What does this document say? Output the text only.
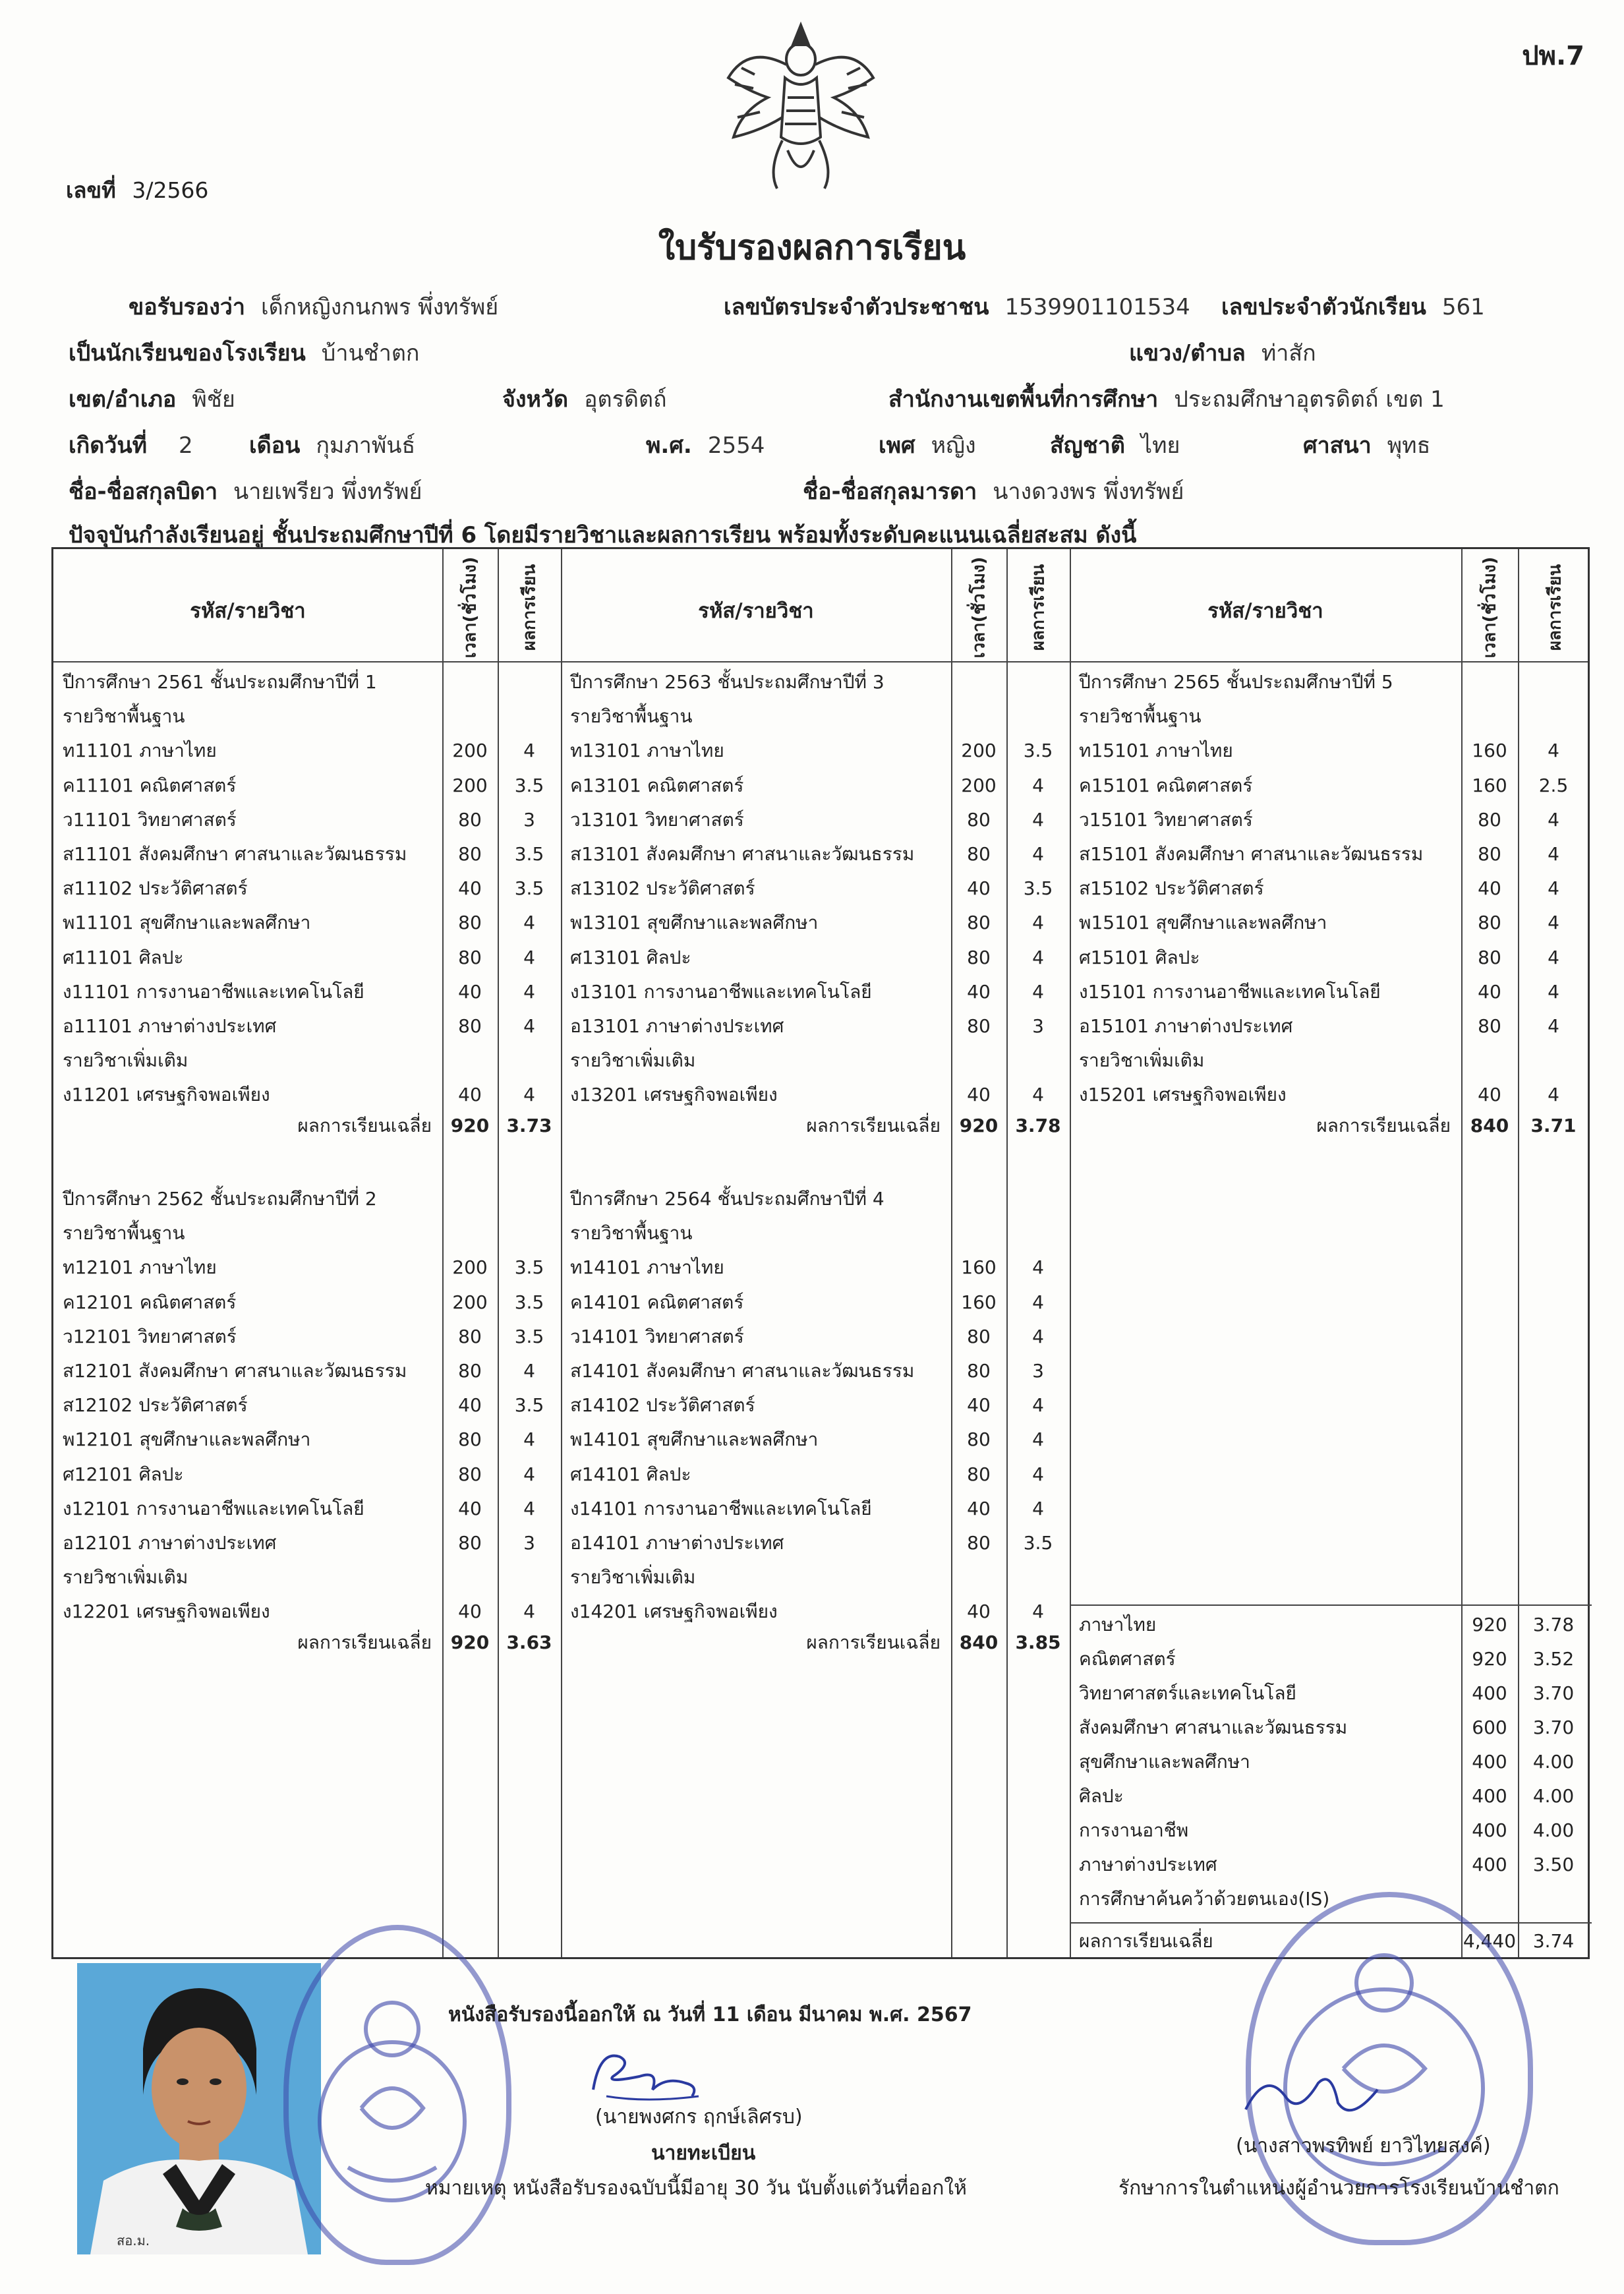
ปพ.7
เลขที่ 3/2566
ใบรับรองผลการเรียน
ขอรับรองว่า เด็กหญิงกนกพร พึ่งทรัพย์	เลขบัตรประจำตัวประชาชน 1539901101534 เลขประจำตัวนักเรียน 561
เป็นนักเรียนของโรงเรียน บ้านชำตก	แขวง/ตำบล ท่าสัก
เขต/อำเภอ พิชัย	จังหวัด อุตรดิตถ์	สำนักงานเขตพื้นที่การศึกษา ประถมศึกษาอุตรดิตถ์ เขต 1
เกิดวันที่ 2	เดือน กุมภาพันธ์	พ.ศ. 2554	เพศ หญิง	สัญชาติ ไทย	ศาสนา พุทธ
ชื่อ-ชื่อสกุลบิดา นายเพรียว พึ่งทรัพย์	ชื่อ-ชื่อสกุลมารดา นางดวงพร พึ่งทรัพย์
ปัจจุบันกำลังเรียนอยู่ ชั้นประถมศึกษาปีที่ 6 โดยมีรายวิชาและผลการเรียน พร้อมทั้งระดับคะแนนเฉลี่ยสะสม ดังนี้
รหัส/รายวิชา	รหัส/รายวิชา	รหัส/รายวิชา
เวลา(ชั่วโมง) ผลการเรียน	เวลา(ชั่วโมง) ผลการเรียน	เวลา(ชั่วโมง)	ผลการเรียน
ปีการศึกษา 2561 ชั้นประถมศึกษาปีที่ 1
รายวิชาพื้นฐาน
ท11101 ภาษาไทย	200	4
ค11101 คณิตศาสตร์	200	3.5
ว11101 วิทยาศาสตร์	80	3
ส11101 สังคมศึกษา ศาสนาและวัฒนธรรม	80	3.5
ส11102 ประวัติศาสตร์	40	3.5
พ11101 สุขศึกษาและพลศึกษา	80	4
ศ11101 ศิลปะ	80	4
ง11101 การงานอาชีพและเทคโนโลยี	40	4
อ11101 ภาษาต่างประเทศ	80	4
รายวิชาเพิ่มเติม
ง11201 เศรษฐกิจพอเพียง	40	4
ผลการเรียนเฉลี่ย	920 3.73
ปีการศึกษา 2562 ชั้นประถมศึกษาปีที่ 2
รายวิชาพื้นฐาน
ท12101 ภาษาไทย	200	3.5
ค12101 คณิตศาสตร์	200	3.5
ว12101 วิทยาศาสตร์	80	3.5
ส12101 สังคมศึกษา ศาสนาและวัฒนธรรม	80	4
ส12102 ประวัติศาสตร์	40	3.5
พ12101 สุขศึกษาและพลศึกษา	80	4
ศ12101 ศิลปะ	80	4
ง12101 การงานอาชีพและเทคโนโลยี	40	4
อ12101 ภาษาต่างประเทศ	80	3
รายวิชาเพิ่มเติม
ง12201 เศรษฐกิจพอเพียง	40	4
ผลการเรียนเฉลี่ย	920 3.63
ปีการศึกษา 2563 ชั้นประถมศึกษาปีที่ 3
รายวิชาพื้นฐาน
ท13101 ภาษาไทย	200	3.5
ค13101 คณิตศาสตร์	200	4
ว13101 วิทยาศาสตร์	80	4
ส13101 สังคมศึกษา ศาสนาและวัฒนธรรม	80	4
ส13102 ประวัติศาสตร์	40	3.5
พ13101 สุขศึกษาและพลศึกษา	80	4
ศ13101 ศิลปะ	80	4
ง13101 การงานอาชีพและเทคโนโลยี	40	4
อ13101 ภาษาต่างประเทศ	80	3
รายวิชาเพิ่มเติม
ง13201 เศรษฐกิจพอเพียง	40	4
ผลการเรียนเฉลี่ย	920 3.78
ปีการศึกษา 2564 ชั้นประถมศึกษาปีที่ 4
รายวิชาพื้นฐาน
ท14101 ภาษาไทย	160	4
ค14101 คณิตศาสตร์	160	4
ว14101 วิทยาศาสตร์	80	4
ส14101 สังคมศึกษา ศาสนาและวัฒนธรรม	80	3
ส14102 ประวัติศาสตร์	40	4
พ14101 สุขศึกษาและพลศึกษา	80	4
ศ14101 ศิลปะ	80	4
ง14101 การงานอาชีพและเทคโนโลยี	40	4
อ14101 ภาษาต่างประเทศ	80	3.5
รายวิชาเพิ่มเติม
ง14201 เศรษฐกิจพอเพียง	40	4
ผลการเรียนเฉลี่ย	840 3.85
ปีการศึกษา 2565 ชั้นประถมศึกษาปีที่ 5
รายวิชาพื้นฐาน
ท15101 ภาษาไทย	160	4
ค15101 คณิตศาสตร์	160	2.5
ว15101 วิทยาศาสตร์	80	4
ส15101 สังคมศึกษา ศาสนาและวัฒนธรรม	80	4
ส15102 ประวัติศาสตร์	40	4
พ15101 สุขศึกษาและพลศึกษา	80	4
ศ15101 ศิลปะ	80	4
ง15101 การงานอาชีพและเทคโนโลยี	40	4
อ15101 ภาษาต่างประเทศ	80	4
รายวิชาเพิ่มเติม
ง15201 เศรษฐกิจพอเพียง	40	4
ผลการเรียนเฉลี่ย	840	3.71
ภาษาไทย	920	3.78
คณิตศาสตร์	920	3.52
วิทยาศาสตร์และเทคโนโลยี	400	3.70
สังคมศึกษา ศาสนาและวัฒนธรรม	600	3.70
สุขศึกษาและพลศึกษา	400	4.00
ศิลปะ	400	4.00
การงานอาชีพ	400	4.00
ภาษาต่างประเทศ	400	3.50
การศึกษาค้นคว้าด้วยตนเอง(IS)
ผลการเรียนเฉลี่ย	4,440 3.74
สอ.ม.
หนังสือรับรองนี้ออกให้ ณ วันที่ 11 เดือน มีนาคม พ.ศ. 2567
(นายพงศกร ฤกษ์เลิศรบ)
นายทะเบียน
หมายเหตุ หนังสือรับรองฉบับนี้มีอายุ 30 วัน นับตั้งแต่วันที่ออกให้
(นางสาวพรทิพย์ ยาวิไทยสงค์)
รักษาการในตำแหน่งผู้อำนวยการโรงเรียนบ้านชำตก
